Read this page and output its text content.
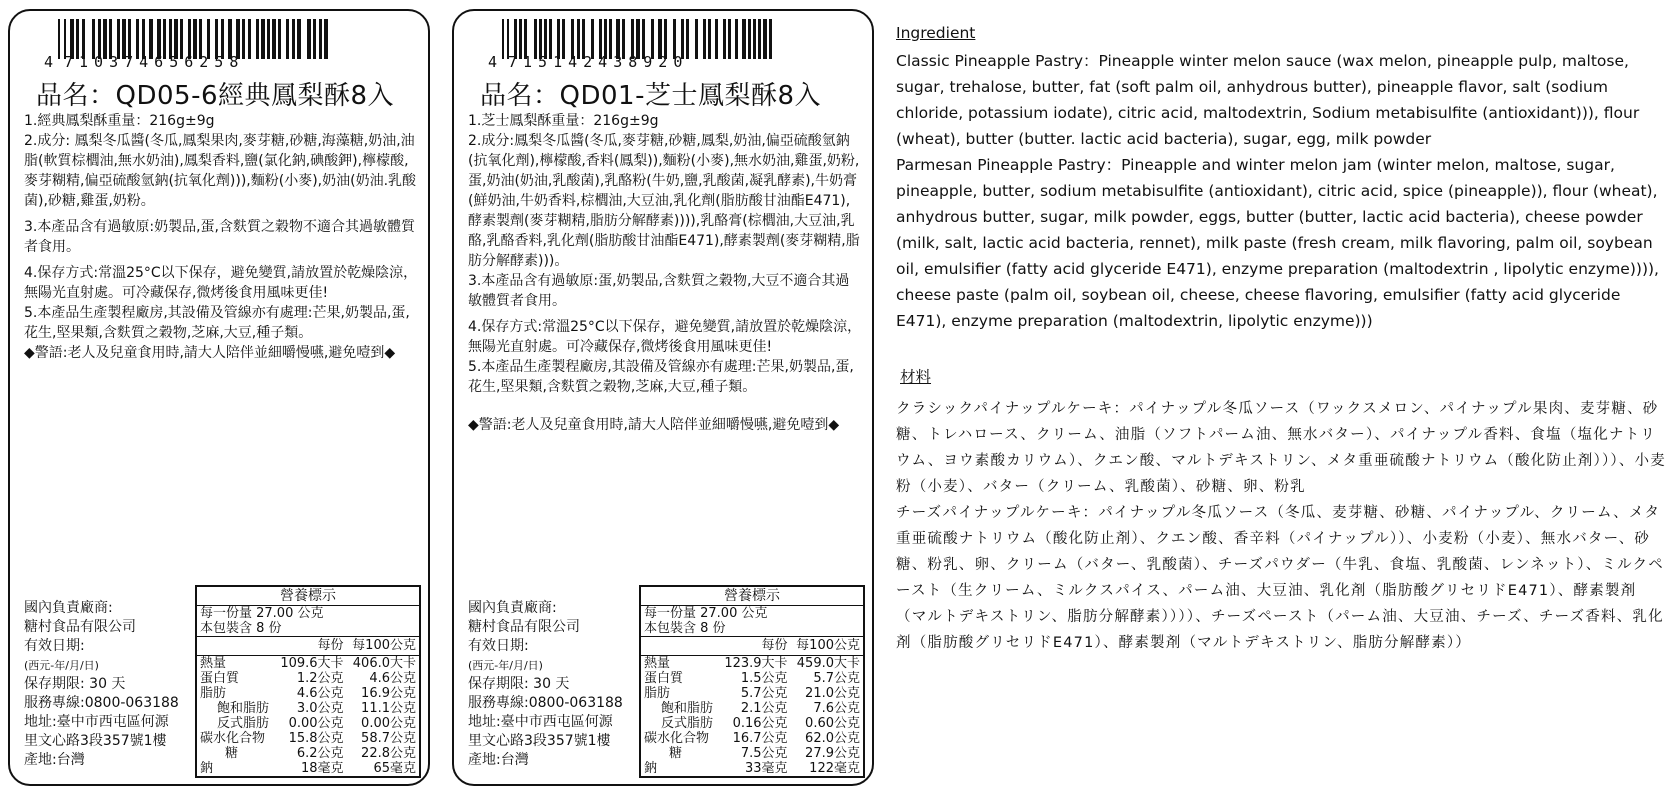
4 710374656258
品名：QD05-6經典鳳梨酥8入

1.經典鳳梨酥重量：216g±9g

2.成分: 鳳梨冬瓜醬(冬瓜,鳳梨果肉,麥芽糖,砂糖,海藻糖,奶油,油脂(軟質棕櫚油,無水奶油),鳳梨香料,鹽(氯化鈉,碘酸鉀),檸檬酸,麥芽糊精,偏亞硫酸氫鈉(抗氧化劑))),麵粉(小麥),奶油(奶油.乳酸菌),砂糖,雞蛋,奶粉。

3.本產品含有過敏原:奶製品,蛋,含麩質之穀物不適合其過敏體質者食用。

4.保存方式:常溫25°C以下保存，避免變質,請放置於乾燥陰涼，無陽光直射處。可冷藏保存,微烤後食用風味更佳!

5.本產品生產製程廠房,其設備及管線亦有處理:芒果,奶製品,蛋,花生,堅果類,含麩質之穀物,芝麻,大豆,種子類。

◆警語:老人及兒童食用時,請大人陪伴並細嚼慢嚥,避免噎到◆

國內負責廠商:
糖村食品有限公司
有效日期:
(西元-年/月/日)
保存期限: 30 天
服務專線:0800-063188
地址:臺中市西屯區何源
里文心路3段357號1樓
產地:台灣
營養標示		
每一份量 27.00 公克		
本包裝含 8 份		
	每份	每100公克
熱量	109.6大卡	406.0大卡
蛋白質	1.2公克	4.6公克
脂肪	4.6公克	16.9公克
飽和脂肪	3.0公克	11.1公克
反式脂肪	0.00公克	0.00公克
碳水化合物	15.8公克	58.7公克
糖	6.2公克	22.8公克
鈉	18毫克	65毫克
4 715142438920
品名：QD01-芝士鳳梨酥8入

1.芝士鳳梨酥重量：216g±9g

2.成分:鳳梨冬瓜醬(冬瓜,麥芽糖,砂糖,鳳梨,奶油,偏亞硫酸氫鈉(抗氧化劑),檸檬酸,香料(鳳梨)),麵粉(小麥),無水奶油,雞蛋,奶粉,蛋,奶油(奶油,乳酸菌),乳酪粉(牛奶,鹽,乳酸菌,凝乳酵素),牛奶膏(鮮奶油,牛奶香料,棕櫚油,大豆油,乳化劑(脂肪酸甘油酯E471),酵素製劑(麥芽糊精,脂肪分解酵素)))),乳酪膏(棕櫚油,大豆油,乳酪,乳酪香料,乳化劑(脂肪酸甘油酯E471),酵素製劑(麥芽糊精,脂肪分解酵素)))。

3.本產品含有過敏原:蛋,奶製品,含麩質之穀物,大豆不適合其過敏體質者食用。

4.保存方式:常溫25°C以下保存，避免變質,請放置於乾燥陰涼，無陽光直射處。可冷藏保存,微烤後食用風味更佳!

5.本產品生產製程廠房,其設備及管線亦有處理:芒果,奶製品,蛋,花生,堅果類,含麩質之穀物,芝麻,大豆,種子類。

◆警語:老人及兒童食用時,請大人陪伴並細嚼慢嚥,避免噎到◆

國內負責廠商:
糖村食品有限公司
有效日期:
(西元-年/月/日)
保存期限: 30 天
服務專線:0800-063188
地址:臺中市西屯區何源
里文心路3段357號1樓
產地:台灣
營養標示		
每一份量 27.00 公克		
本包裝含 8 份		
	每份	每100公克
熱量	123.9大卡	459.0大卡
蛋白質	1.5公克	5.7公克
脂肪	5.7公克	21.0公克
飽和脂肪	2.1公克	7.6公克
反式脂肪	0.16公克	0.60公克
碳水化合物	16.7公克	62.0公克
糖	7.5公克	27.9公克
鈉	33毫克	122毫克
Ingredient

Classic Pineapple Pastry：Pineapple winter melon sauce (wax melon, pineapple pulp, maltose, sugar, trehalose, butter, fat (soft palm oil, anhydrous butter), pineapple flavor, salt (sodium chloride, potassium iodate), citric acid, maltodextrin, Sodium metabisulfite (antioxidant))), flour (wheat), butter (butter. lactic acid bacteria), sugar, egg, milk powder

Parmesan Pineapple Pastry：Pineapple and winter melon jam (winter melon, maltose, sugar, pineapple, butter, sodium metabisulfite (antioxidant), citric acid, spice (pineapple)), flour (wheat), anhydrous butter, sugar, milk powder, eggs, butter (butter, lactic acid bacteria), cheese powder (milk, salt, lactic acid bacteria, rennet), milk paste (fresh cream, milk flavoring, palm oil, soybean oil, emulsifier (fatty acid glyceride E471), enzyme preparation (maltodextrin , lipolytic enzyme)))), cheese paste (palm oil, soybean oil, cheese, cheese flavoring, emulsifier (fatty acid glyceride E471), enzyme preparation (maltodextrin, lipolytic enzyme)))

材料

クラシックパイナップルケーキ：パイナップル冬瓜ソース（ワックスメロン、パイナップル果肉、麦芽糖、砂糖、トレハロース、クリーム、油脂（ソフトパーム油、無水バター）、パイナップル香料、食塩（塩化ナトリウム、ヨウ素酸カリウム）、クエン酸、マルトデキストリン、メタ重亜硫酸ナトリウム（酸化防止剤）））、小麦粉（小麦）、バター（クリーム、乳酸菌）、砂糖、卵、粉乳

チーズパイナップルケーキ：パイナップル冬瓜ソース（冬瓜、麦芽糖、砂糖、パイナップル、クリーム、メタ重亜硫酸ナトリウム（酸化防止剤）、クエン酸、香辛料（パイナップル））、小麦粉（小麦）、無水バター、砂糖、粉乳、卵、クリーム（バター、乳酸菌）、チーズパウダー（牛乳、食塩、乳酸菌、レンネット）、ミルクペースト（生クリーム、ミルクスパイス、パーム油、大豆油、乳化剤（脂肪酸グリセリドE471）、酵素製剤（マルトデキストリン、脂肪分解酵素））））、チーズペースト（パーム油、大豆油、チーズ、チーズ香料、乳化剤（脂肪酸グリセリドE471）、酵素製剤（マルトデキストリン、脂肪分解酵素））
